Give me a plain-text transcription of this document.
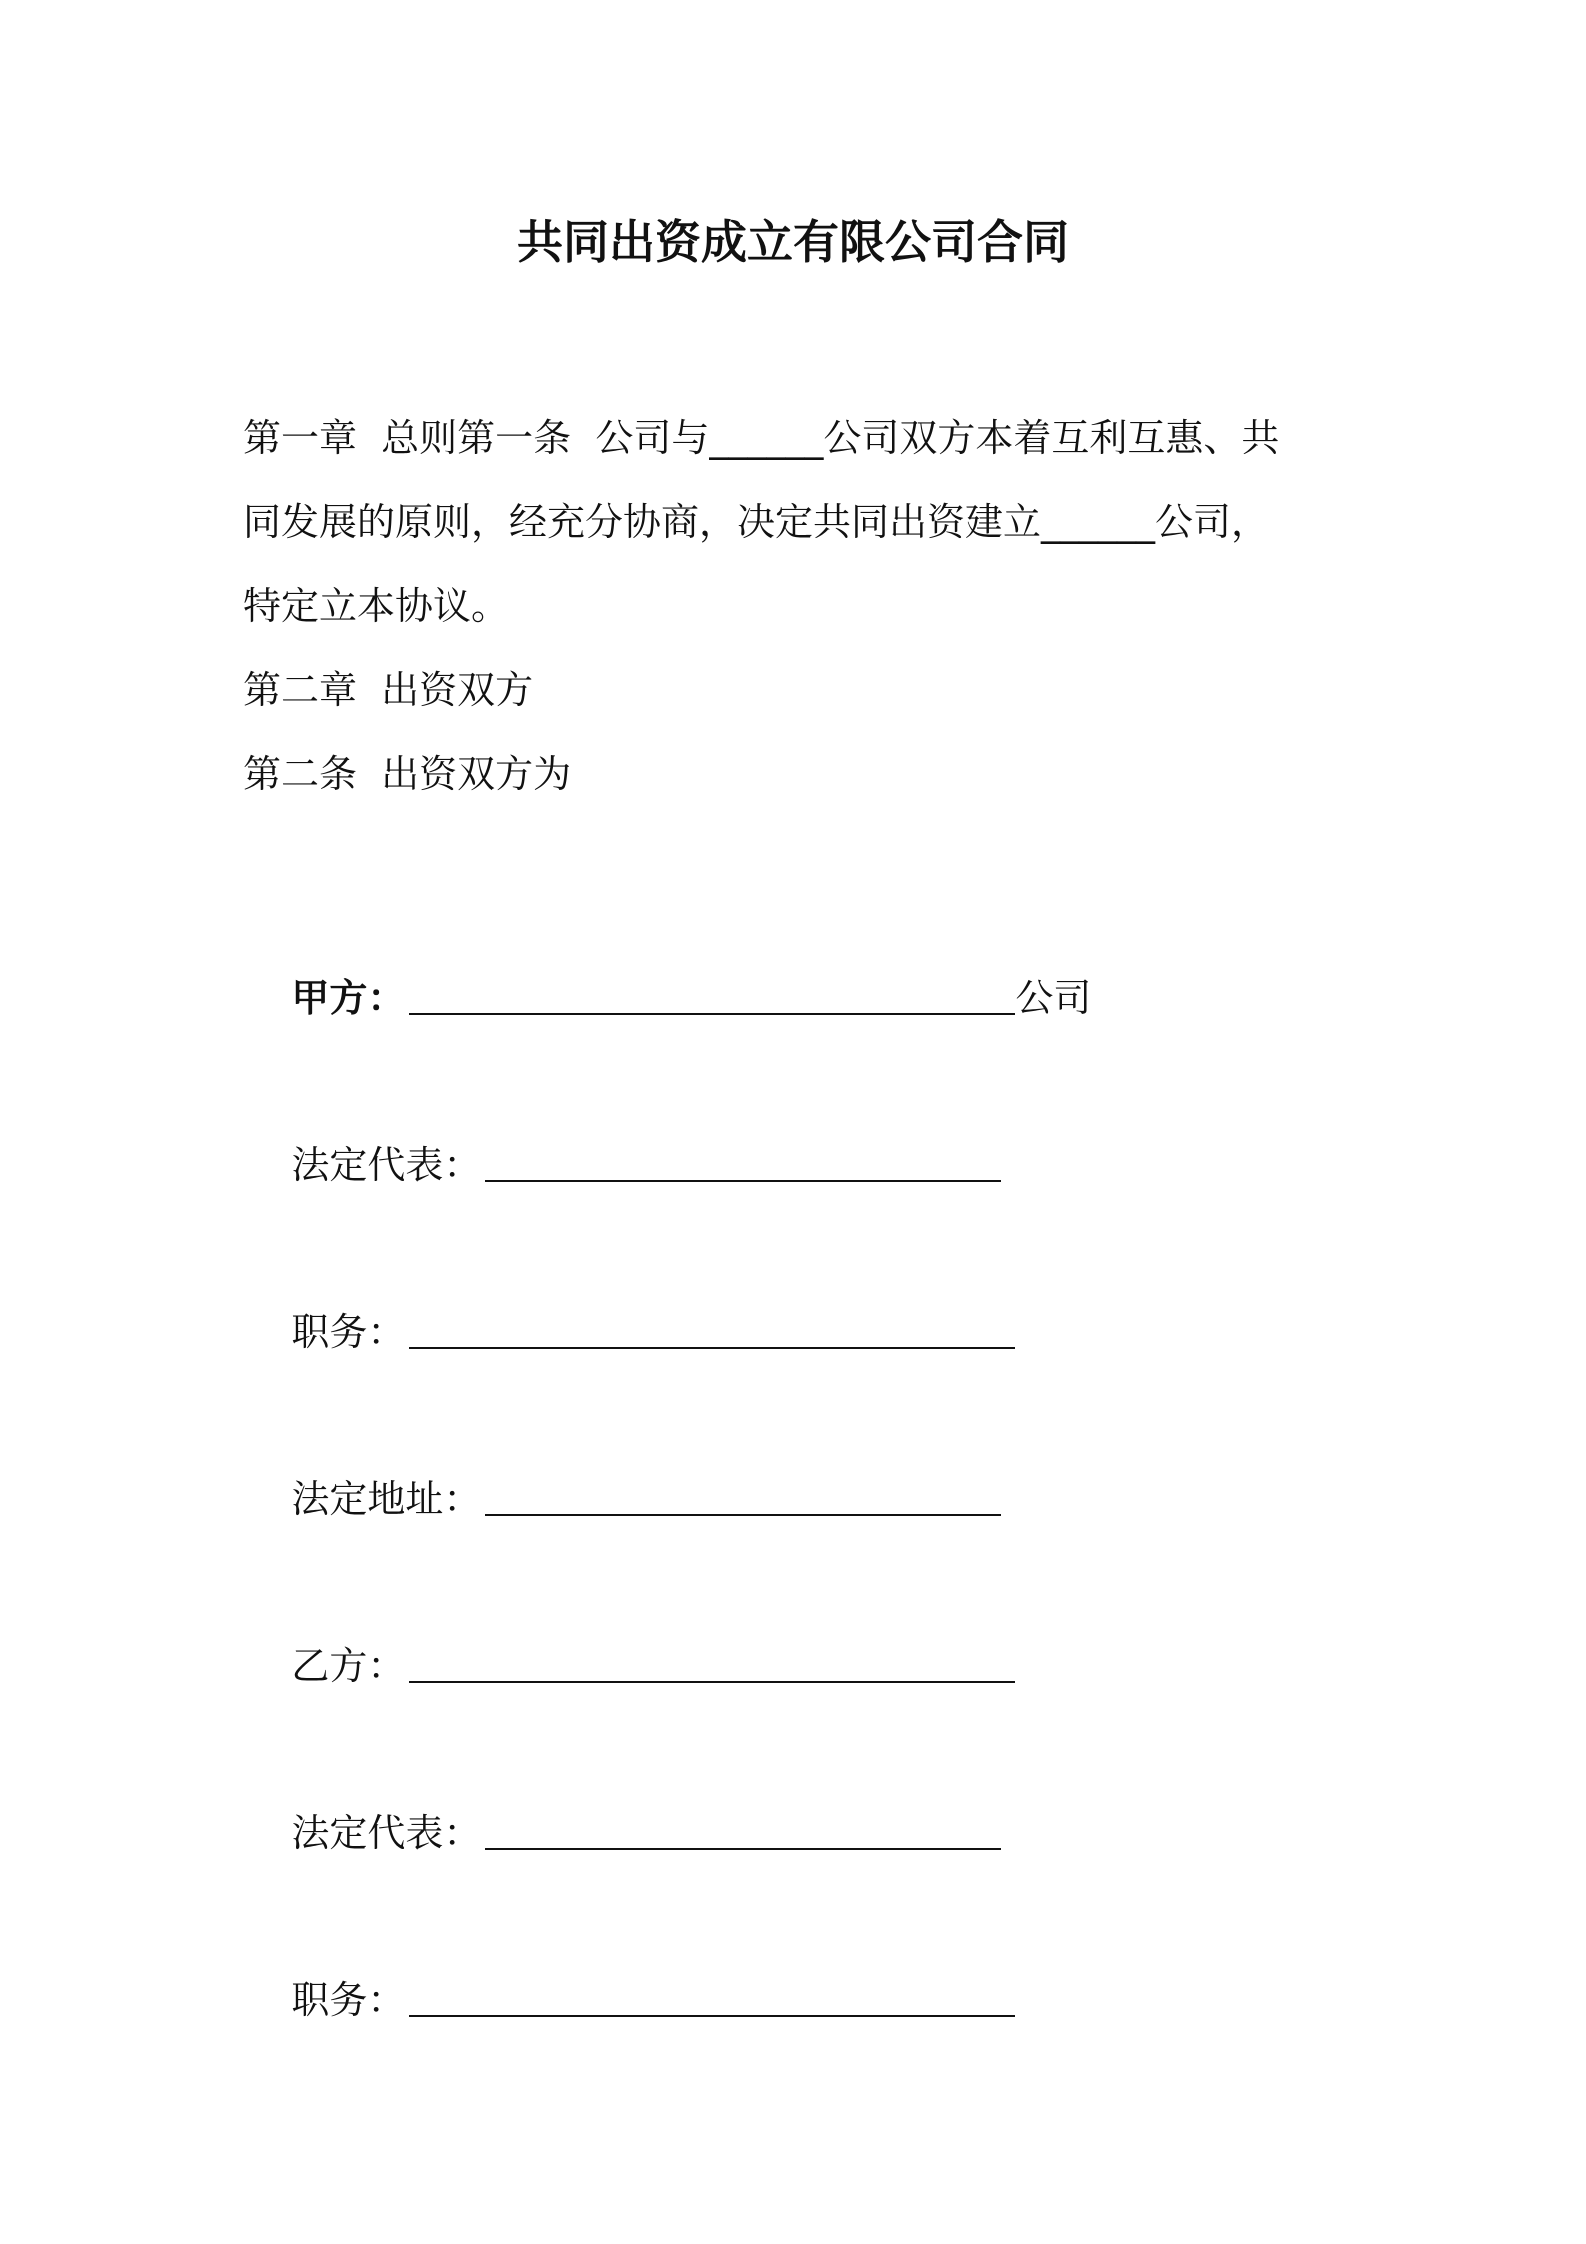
共同出资成立有限公司合同
第一章  总则第一条  公司与______公司双方本着互利互惠、共
同发展的原则，经充分协商，决定共同出资建立______公司，
特定立本协议。
第二章  出资双方
第二条  出资双方为

甲方：	公司

法定代表：

职务：

法定地址：

乙方：

法定代表：

职务：
